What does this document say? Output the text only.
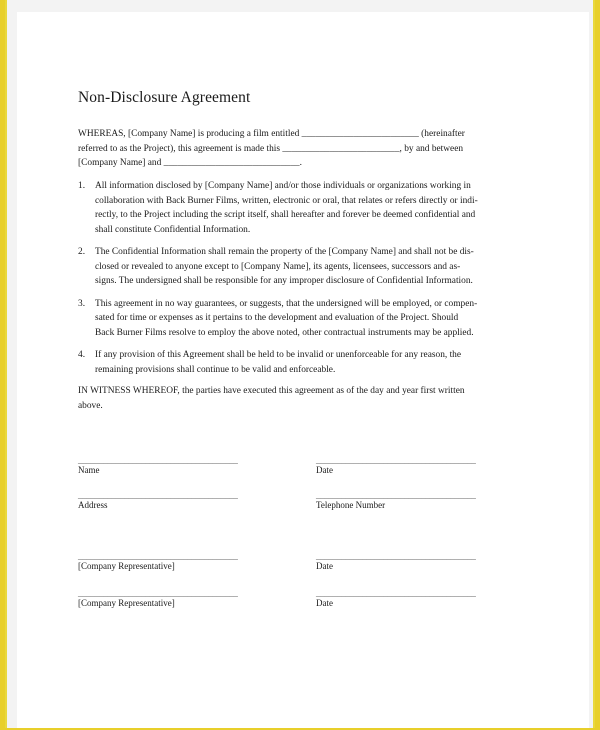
Non-Disclosure Agreement
WHEREAS, [Company Name] is producing a film entitled _________________________ (hereinafter
referred to as the Project), this agreement is made this _________________________, by and between
[Company Name] and _____________________________.
1. All information disclosed by [Company Name] and/or those individuals or organizations working in
collaboration with Back Burner Films, written, electronic or oral, that relates or refers directly or indi-
rectly, to the Project including the script itself, shall hereafter and forever be deemed confidential and
shall constitute Confidential Information.
2. The Confidential Information shall remain the property of the [Company Name] and shall not be dis-
closed or revealed to anyone except to [Company Name], its agents, licensees, successors and as-
signs. The undersigned shall be responsible for any improper disclosure of Confidential Information.
3. This agreement in no way guarantees, or suggests, that the undersigned will be employed, or compen-
sated for time or expenses as it pertains to the development and evaluation of the Project. Should
Back Burner Films resolve to employ the above noted, other contractual instruments may be applied.
4. If any provision of this Agreement shall be held to be invalid or unenforceable for any reason, the
remaining provisions shall continue to be valid and enforceable.
IN WITNESS WHEREOF, the parties have executed this agreement as of the day and year first written
above.
______________________________________
Name
______________________________________
Date
______________________________________
Address
______________________________________
Telephone Number
______________________________________
[Company Representative]
______________________________________
Date
______________________________________
[Company Representative]
______________________________________
Date
